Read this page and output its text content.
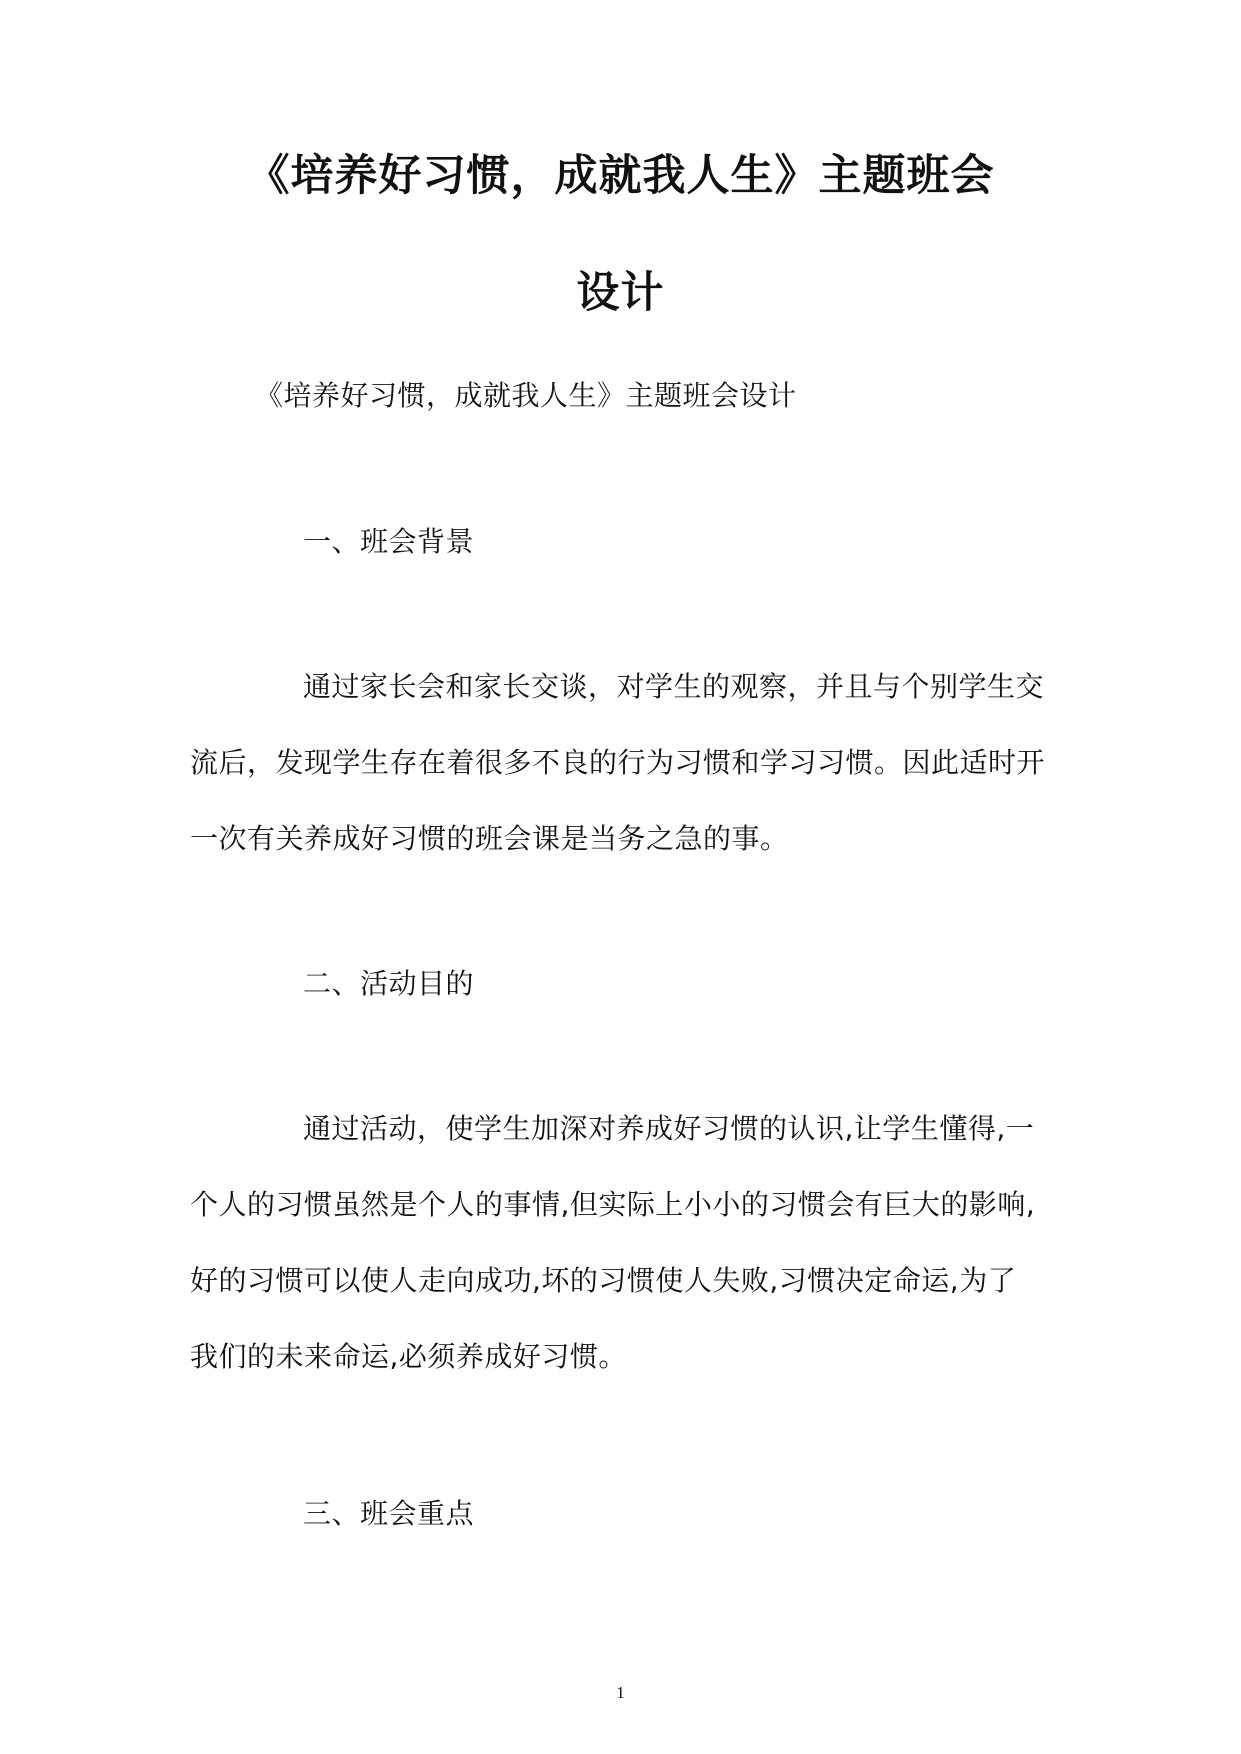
《培养好习惯，成就我人生》主题班会
设计
《培养好习惯，成就我人生》主题班会设计
一、班会背景
通过家长会和家长交谈，对学生的观察，并且与个别学生交
流后，发现学生存在着很多不良的行为习惯和学习习惯。因此适时开
一次有关养成好习惯的班会课是当务之急的事。
二、活动目的
通过活动，使学生加深对养成好习惯的认识,让学生懂得,一
个人的习惯虽然是个人的事情,但实际上小小的习惯会有巨大的影响,
好的习惯可以使人走向成功,坏的习惯使人失败,习惯决定命运,为了
我们的未来命运,必须养成好习惯。
三、班会重点
1
